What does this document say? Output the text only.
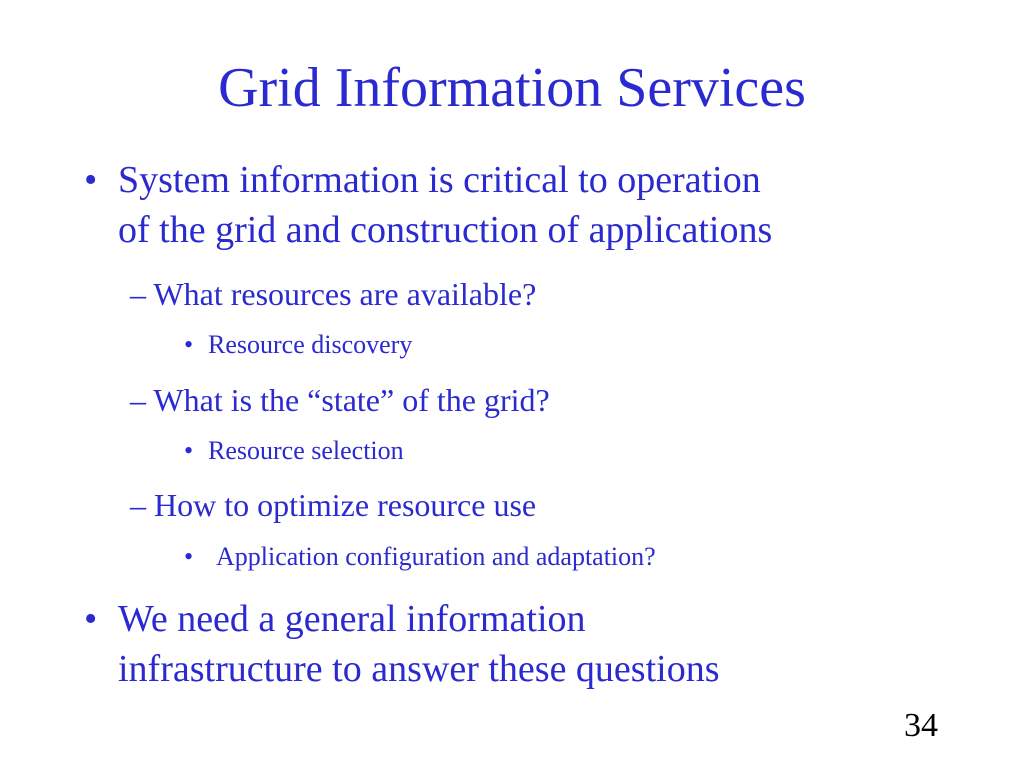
Grid Information Services
• System information is critical to operation
of the grid and construction of applications
– What resources are available?
• Resource discovery
– What is the “state” of the grid?
• Resource selection
– How to optimize resource use
• Application configuration and adaptation?
• We need a general information
infrastructure to answer these questions
34
